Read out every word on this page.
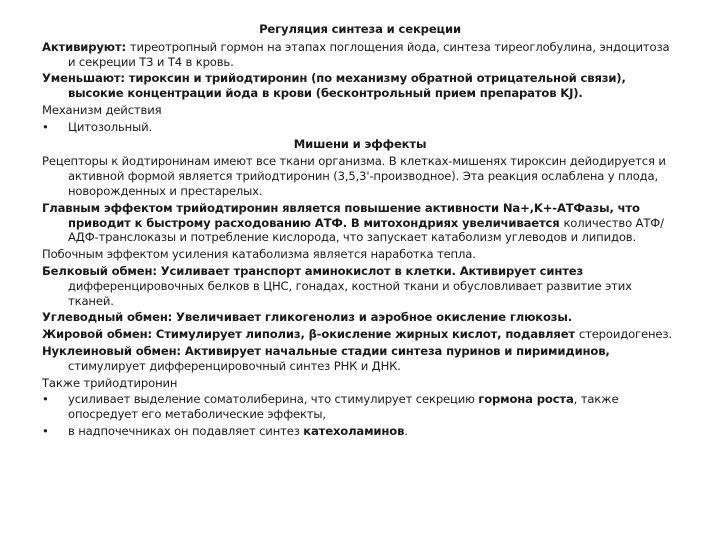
Регуляция синтеза и секреции
Активируют: тиреотропный гормон на этапах поглощения йода, синтеза тиреоглобулина, эндоцитоза и секреции Т3 и Т4 в кровь.
Уменьшают: тироксин и трийодтиронин (по механизму обратной отрицательной связи), высокие концентрации йода в крови (бесконтрольный прием препаратов KJ).
Механизм действия
•	Цитозольный.
Мишени и эффекты
Рецепторы к йодтиронинам имеют все ткани организма. В клетках-мишенях тироксин дейодируется и активной формой является трийодтиронин (3,5,3'-производное). Эта реакция ослаблена у плода, новорожденных и престарелых.
Главным эффектом трийодтиронин является повышение активности Na+,K+-АТФазы, что приводит к быстрому расходованию АТФ. В митохондриях увеличивается количество АТФ/АДФ-транслоказы и потребление кислорода, что запускает катаболизм углеводов и липидов.
Побочным эффектом усиления катаболизма является наработка тепла.
Белковый обмен: Усиливает транспорт аминокислот в клетки. Активирует синтез дифференцировочных белков в ЦНС, гонадах, костной ткани и обусловливает развитие этих тканей.
Углеводный обмен: Увеличивает гликогенолиз и аэробное окисление глюкозы.
Жировой обмен: Стимулирует липолиз, β-окисление жирных кислот, подавляет стероидогенез.
Нуклеиновый обмен: Активирует начальные стадии синтеза пуринов и пиримидинов, стимулирует дифференцировочный синтез РНК и ДНК.
Также трийодтиронин
•	усиливает выделение соматолиберина, что стимулирует секрецию гормона роста, также опосредует его метаболические эффекты,
•	в надпочечниках он подавляет синтез катехоламинов.
